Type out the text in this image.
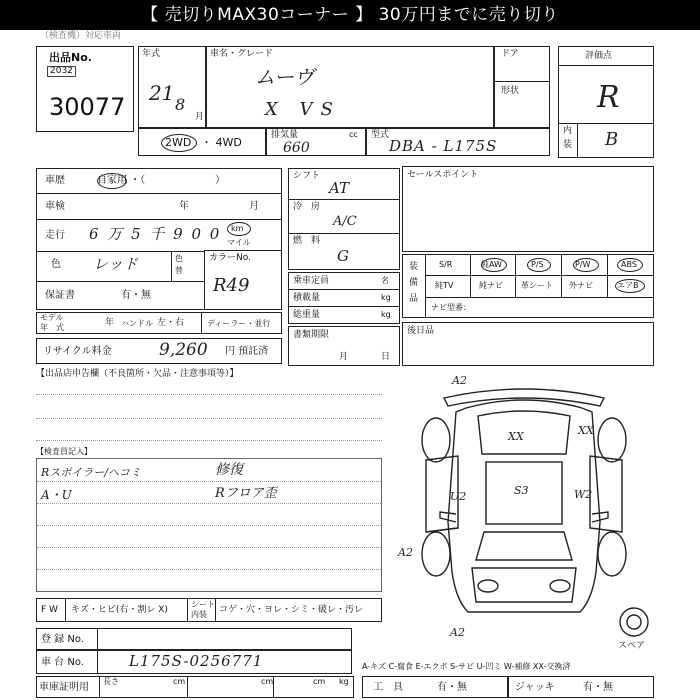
【 売切りMAX30コーナー 】 30万円までに売り切り
（検査機）対応車両
出品No.
2032
30077
年式
21 8
月
車名・グレード
ムーヴ
X VS
ドア
形状
評価点
R
内
装 B
2WD ・ 4WD
排気量	cc
660
型式
DBA - L175S
車歴	自家用 ・（　　　　　　　）
車検	年	月
走行 6 万 5 千 9 0 0 km
マイル
色 レッド	色
替
保証書	有・無
カラーNo.
R49
モデル
年　式	年 ハンドル 左・右	ディーラー・並行
リサイクル料金	9,260 円 預託済
シフト
AT
冷　房
A/C
燃　料
G
乗車定員	名
積載量	kg
総重量	kg
書類期限
月	日
セールスポイント
装
備
品
S/R	純AW	P/S	P/W	ABS
純TV	純ナビ 革シート 外ナビ	エアB
ナビ型番：
後日品
【出品店申告欄（不良箇所・欠品・注意事項等）】
【検査員記入】
Rスポイラー/ヘコミ	修復
A・U	Rフロア歪
A2
XX	XX
U2	S3	W2
A2
A2
スペア
F W キズ・ヒビ(右・割レ X)
シート
内装 コゲ・穴・ヨレ・シミ・破レ・汚レ
登 録 No.
車 台 No.	L175S-0256771
車庫証明用
長さ	cm	cm	cm kg
A-キズ C-腐食 E-エクボ S-サビ U-凹ミ W-補修 XX-交換済
工　具	有・無	ジャッキ	有・無
